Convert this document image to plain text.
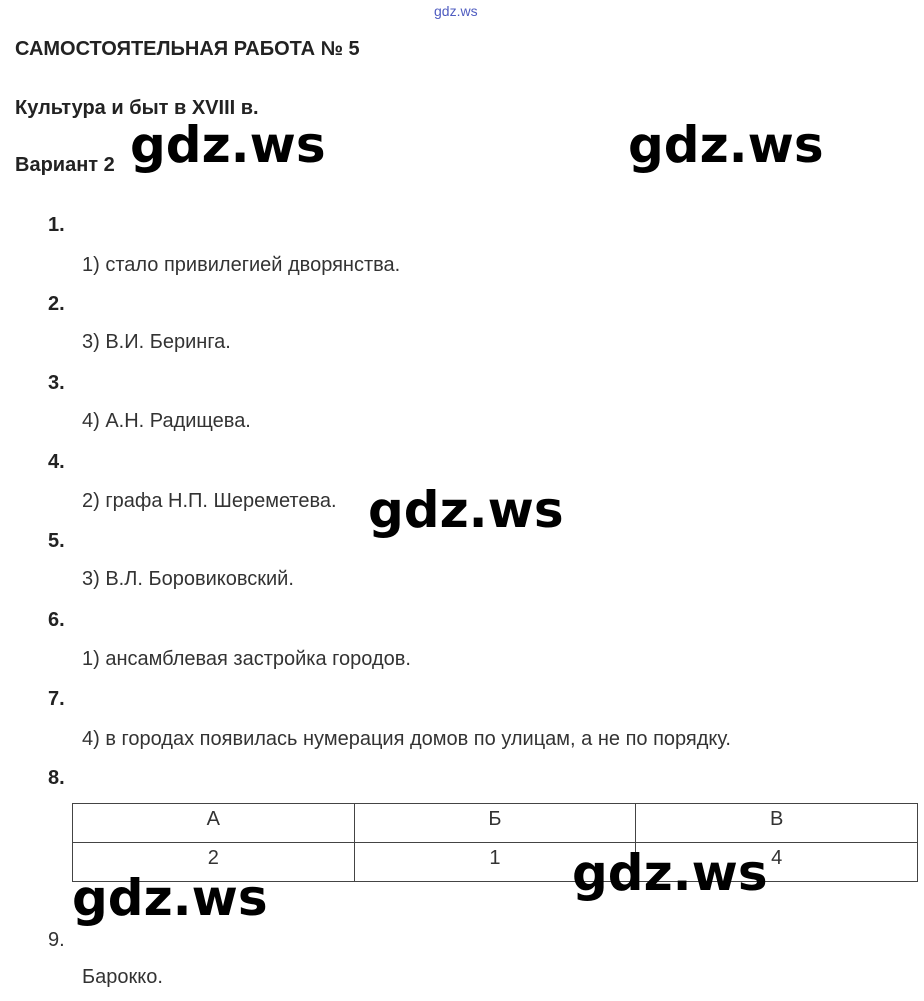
gdz.ws
САМОСТОЯТЕЛЬНАЯ РАБОТА № 5
Культура и быт в XVIII в.
Вариант 2
1.
1) стало привилегией дворянства.
2.
3) В.И. Беринга.
3.
4) А.Н. Радищева.
4.
2) графа Н.П. Шереметева.
5.
3) В.Л. Боровиковский.
6.
1) ансамблевая застройка городов.
7.
4) в городах появилась нумерация домов по улицам, а не по порядку.
8.
А	Б	В
2	1	4
9.
Барокко.
gdz.ws	gdz.ws
gdz.ws
gdz.ws
gdz.ws
